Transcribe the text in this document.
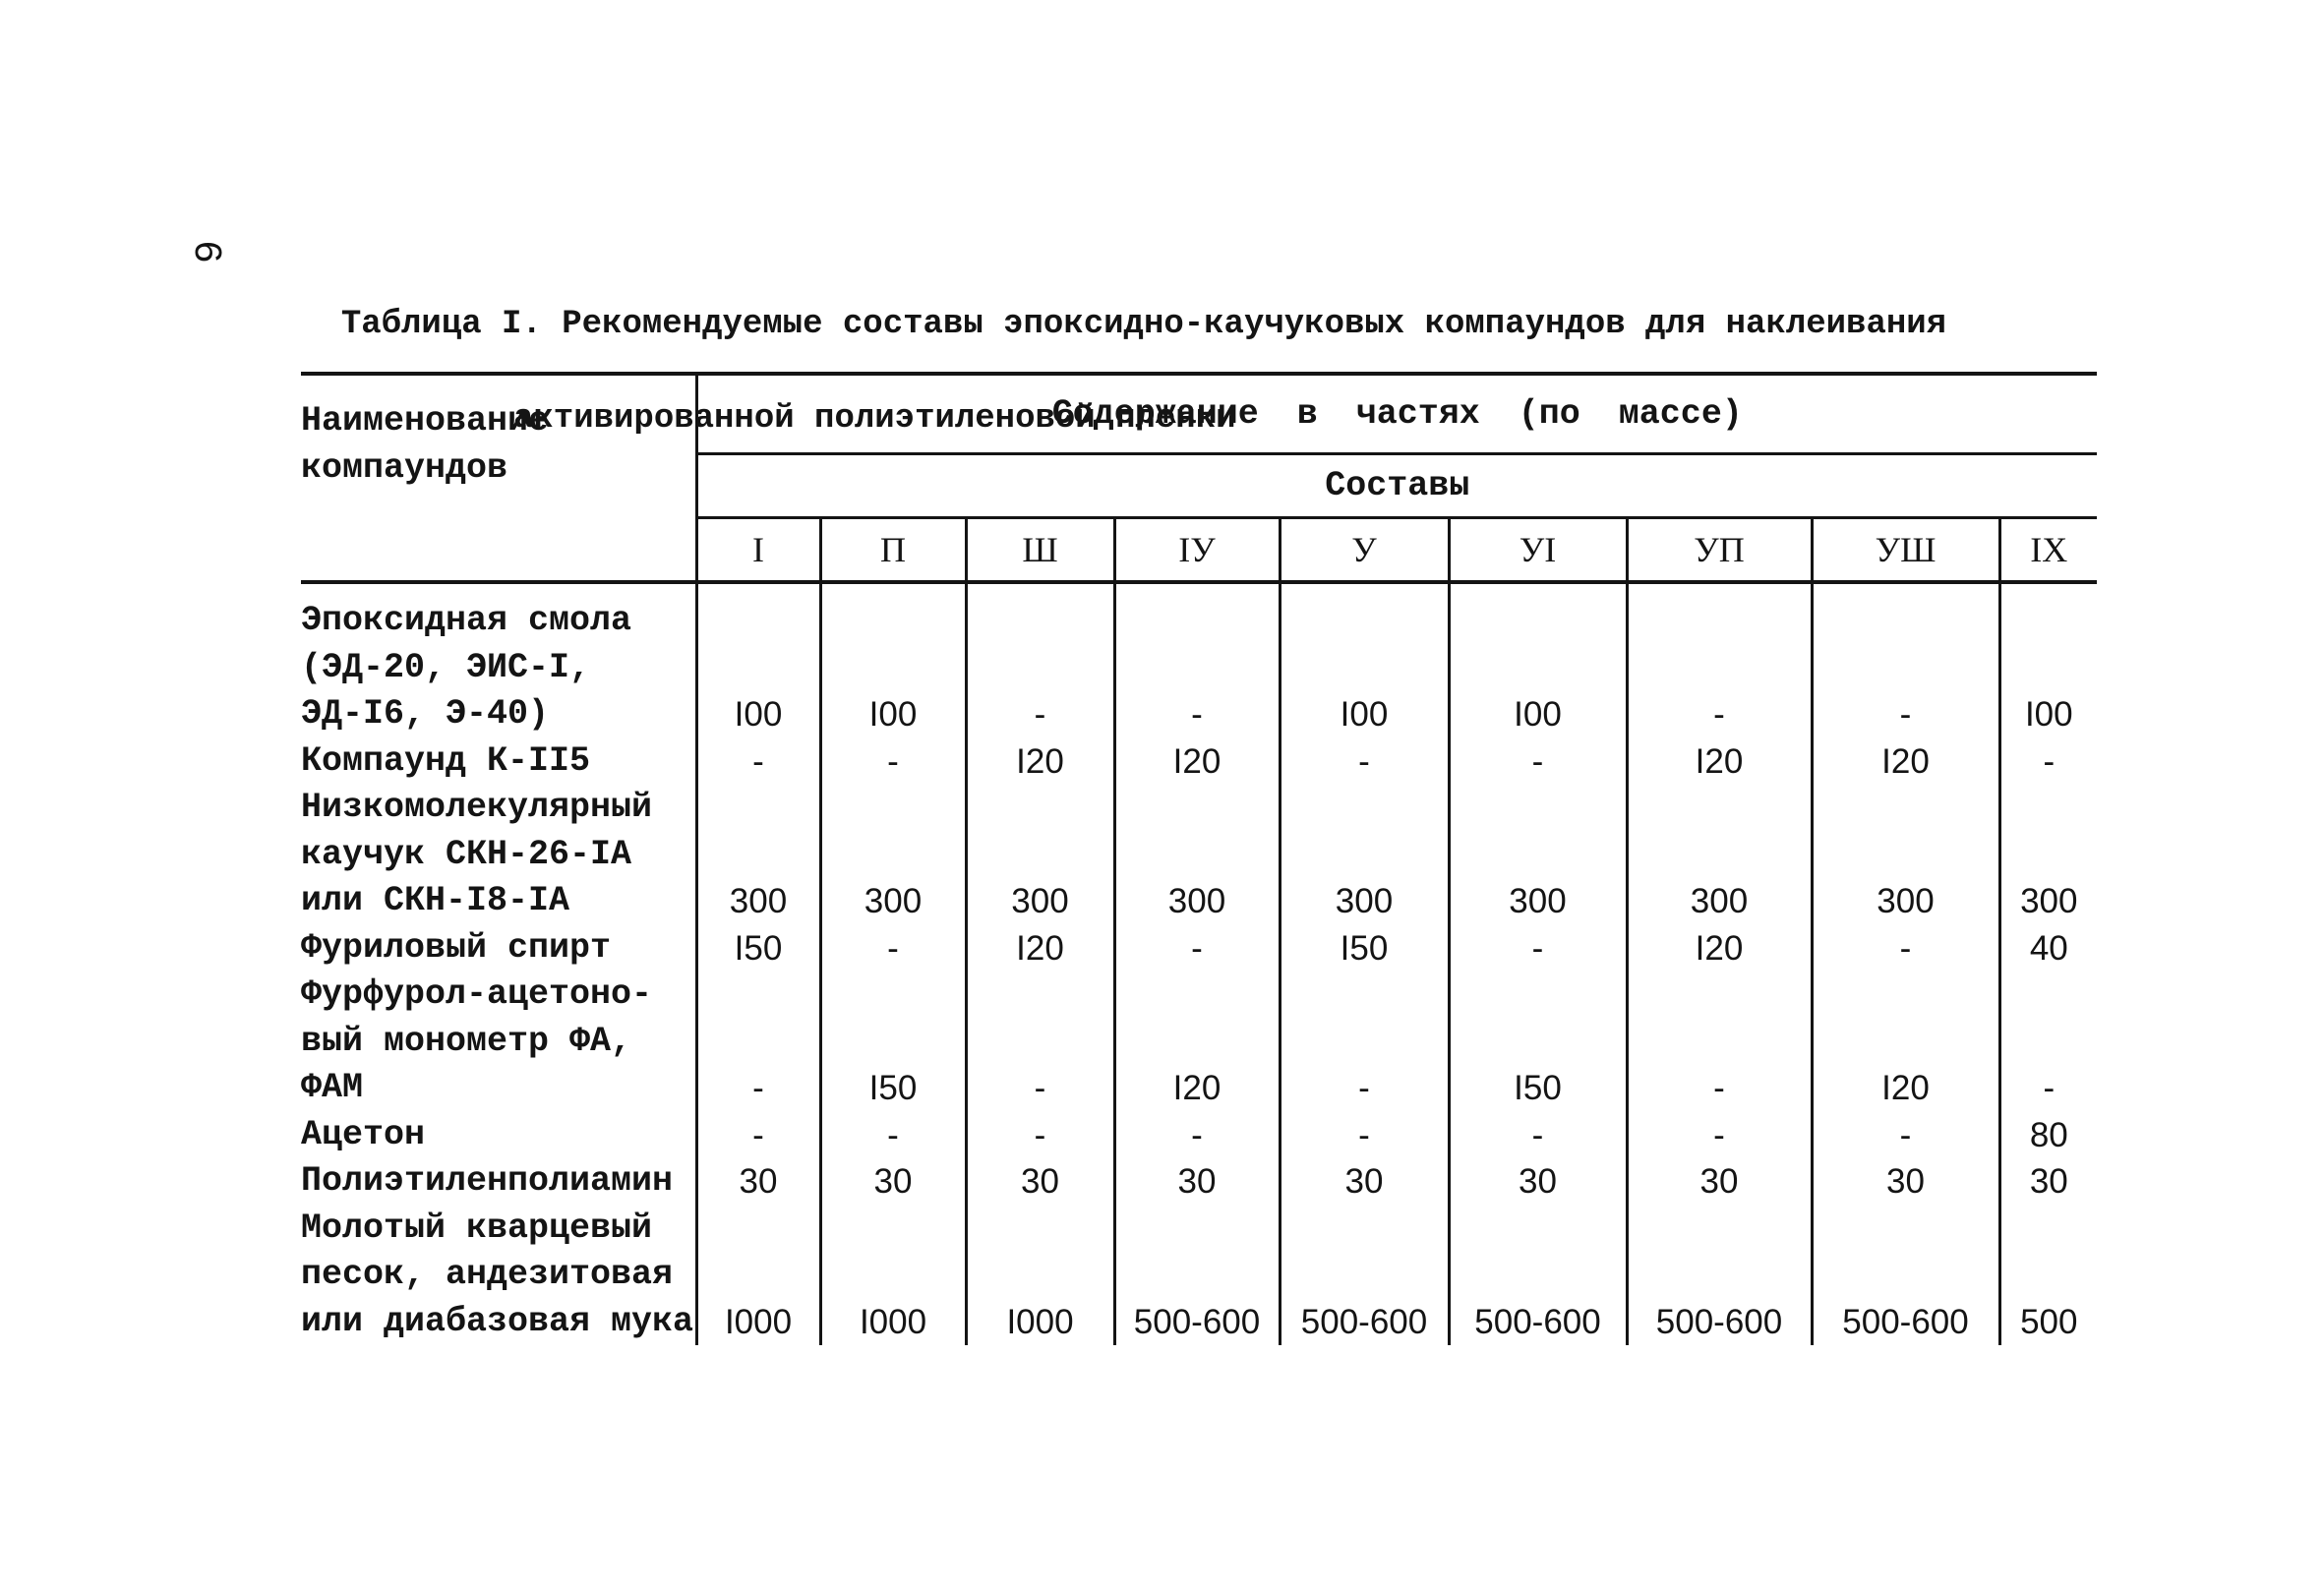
6

Таблица I. Рекомендуемые составы эпоксидно-каучуковых компаундов для наклеивания

активированной полиэтиленовой пленки

Наименование
компаундов	Содержание в частях (по массе)								
	Составы								
	I	П	Ш	IУ	У	УI	УП	УШ	IX

Эпоксидная смола
(ЭД-20, ЭИС-I,
ЭД-I6, Э-40)	I00	I00	-	-	I00	I00	-	-	I00
Компаунд К-II5	-	-	I20	I20	-	-	I20	I20	-
Низкомолекулярный
каучук СКН-26-IА
или СКН-I8-IА	300	300	300	300	300	300	300	300	300
Фуриловый спирт	I50	-	I20	-	I50	-	I20	-	40
Фурфурол-ацетоно-
вый монометр ФА,
ФАМ	-	I50	-	I20	-	I50	-	I20	-
Ацетон	-	-	-	-	-	-	-	-	80
Полиэтиленполиамин	30	30	30	30	30	30	30	30	30
Молотый кварцевый
песок, андезитовая
или диабазовая мука	I000	I000	I000	500-600	500-600	500-600	500-600	500-600	500
